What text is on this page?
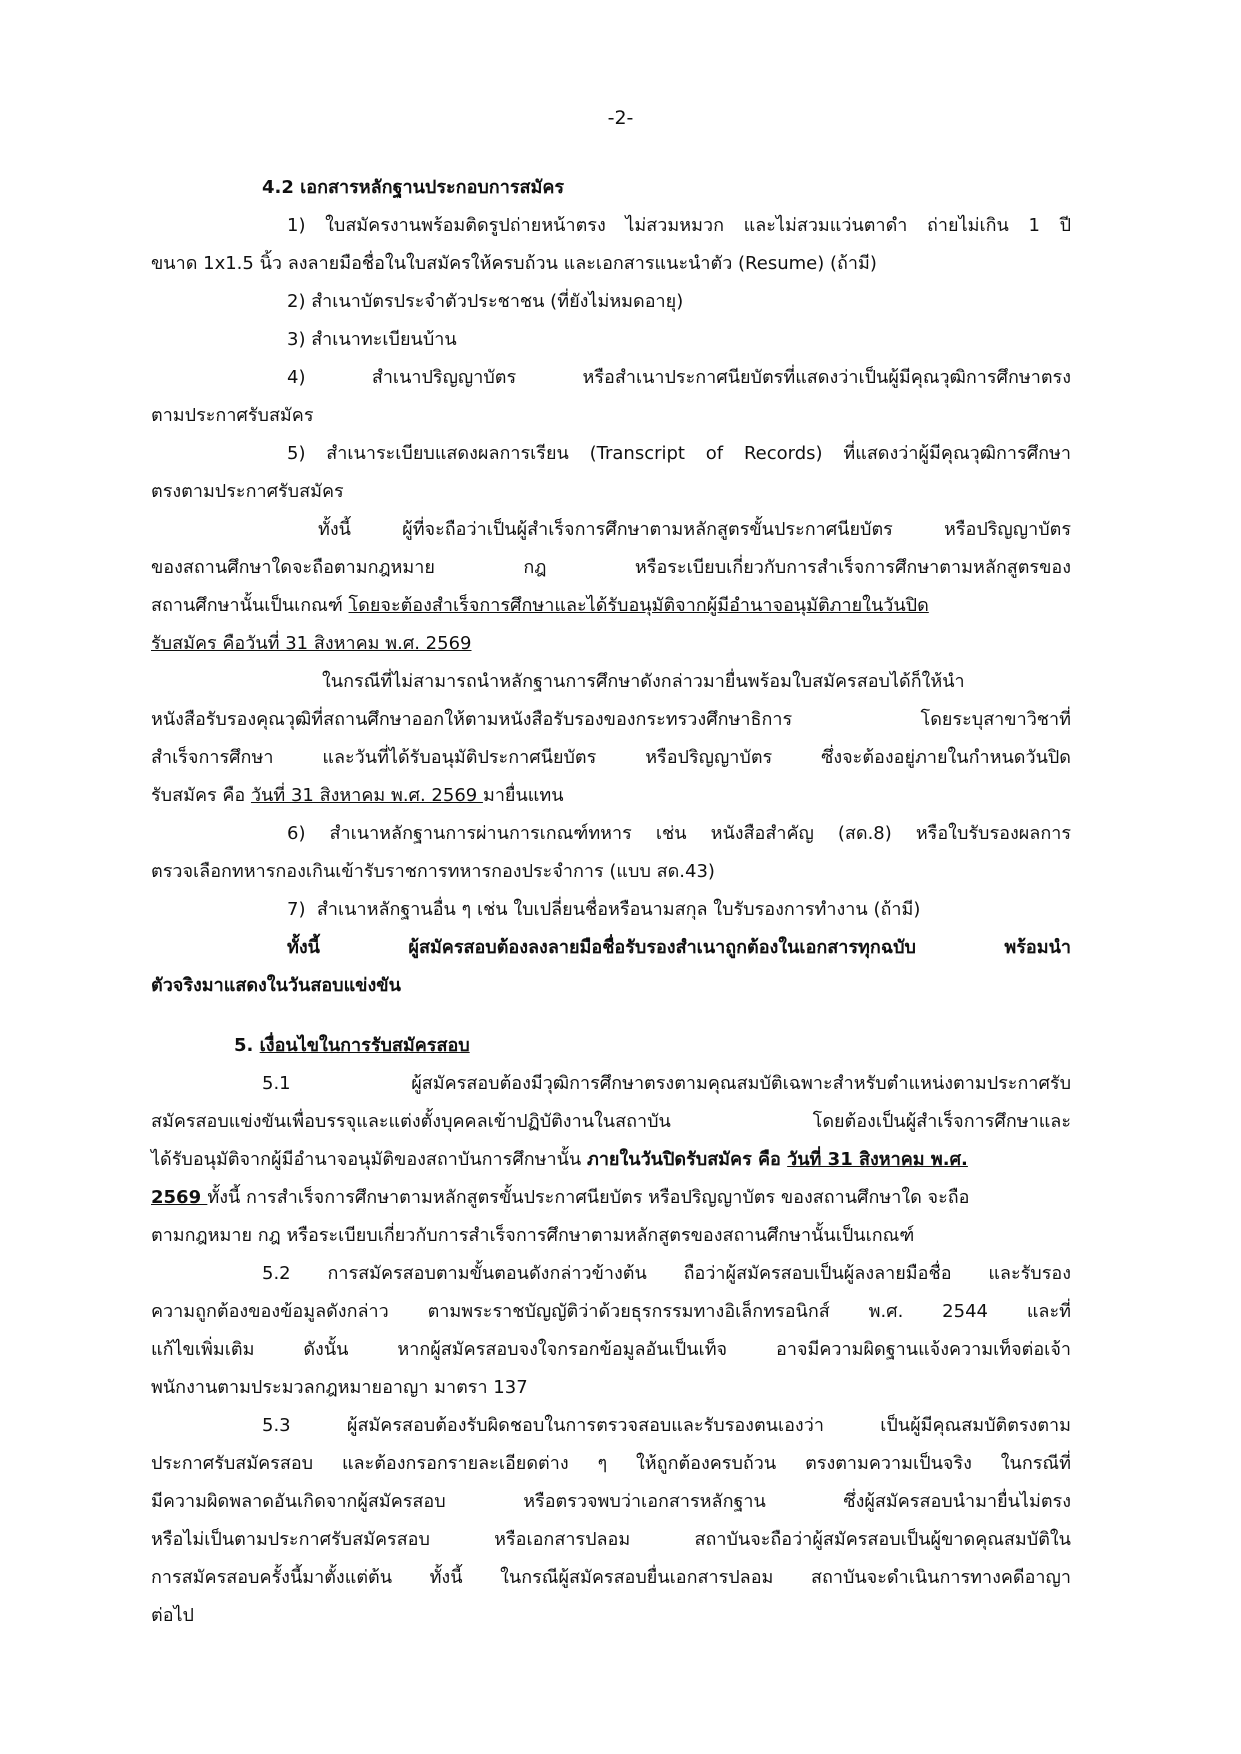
-2-
4.2 เอกสารหลักฐานประกอบการสมัคร
1) ใบสมัครงานพร้อมติดรูปถ่ายหน้าตรง ไม่สวมหมวก และไม่สวมแว่นตาดำ ถ่ายไม่เกิน 1 ปี
ขนาด 1x1.5 นิ้ว ลงลายมือชื่อในใบสมัครให้ครบถ้วน และเอกสารแนะนำตัว (Resume) (ถ้ามี)
2) สำเนาบัตรประจำตัวประชาชน (ที่ยังไม่หมดอายุ)
3) สำเนาทะเบียนบ้าน
4) สำเนาปริญญาบัตร หรือสำเนาประกาศนียบัตรที่แสดงว่าเป็นผู้มีคุณวุฒิการศึกษาตรง
ตามประกาศรับสมัคร
5) สำเนาระเบียบแสดงผลการเรียน (Transcript of Records) ที่แสดงว่าผู้มีคุณวุฒิการศึกษา
ตรงตามประกาศรับสมัคร
ทั้งนี้ ผู้ที่จะถือว่าเป็นผู้สำเร็จการศึกษาตามหลักสูตรขั้นประกาศนียบัตร หรือปริญญาบัตร
ของสถานศึกษาใดจะถือตามกฎหมาย กฎ หรือระเบียบเกี่ยวกับการสำเร็จการศึกษาตามหลักสูตรของ
สถานศึกษานั้นเป็นเกณฑ์ โดยจะต้องสำเร็จการศึกษาและได้รับอนุมัติจากผู้มีอำนาจอนุมัติภายในวันปิด
รับสมัคร คือวันที่ 31 สิงหาคม พ.ศ. 2569
ในกรณีที่ไม่สามารถนำหลักฐานการศึกษาดังกล่าวมายื่นพร้อมใบสมัครสอบได้ก็ให้นำ
หนังสือรับรองคุณวุฒิที่สถานศึกษาออกให้ตามหนังสือรับรองของกระทรวงศึกษาธิการ โดยระบุสาขาวิชาที่
สำเร็จการศึกษา และวันที่ได้รับอนุมัติประกาศนียบัตร หรือปริญญาบัตร ซึ่งจะต้องอยู่ภายในกำหนดวันปิด
รับสมัคร คือ วันที่ 31 สิงหาคม พ.ศ. 2569 มายื่นแทน
6) สำเนาหลักฐานการผ่านการเกณฑ์ทหาร เช่น หนังสือสำคัญ (สด.8) หรือใบรับรองผลการ
ตรวจเลือกทหารกองเกินเข้ารับราชการทหารกองประจำการ (แบบ สด.43)
7)  สำเนาหลักฐานอื่น ๆ เช่น ใบเปลี่ยนชื่อหรือนามสกุล ใบรับรองการทำงาน (ถ้ามี)
ทั้งนี้ ผู้สมัครสอบต้องลงลายมือชื่อรับรองสำเนาถูกต้องในเอกสารทุกฉบับ พร้อมนำ
ตัวจริงมาแสดงในวันสอบแข่งขัน
5. เงื่อนไขในการรับสมัครสอบ
5.1 ผู้สมัครสอบต้องมีวุฒิการศึกษาตรงตามคุณสมบัติเฉพาะสำหรับตำแหน่งตามประกาศรับ
สมัครสอบแข่งขันเพื่อบรรจุและแต่งตั้งบุคคลเข้าปฏิบัติงานในสถาบัน โดยต้องเป็นผู้สำเร็จการศึกษาและ
ได้รับอนุมัติจากผู้มีอำนาจอนุมัติของสถาบันการศึกษานั้น ภายในวันปิดรับสมัคร คือ วันที่ 31 สิงหาคม พ.ศ.
2569 ทั้งนี้ การสำเร็จการศึกษาตามหลักสูตรขั้นประกาศนียบัตร หรือปริญญาบัตร ของสถานศึกษาใด จะถือ
ตามกฎหมาย กฎ หรือระเบียบเกี่ยวกับการสำเร็จการศึกษาตามหลักสูตรของสถานศึกษานั้นเป็นเกณฑ์
5.2 การสมัครสอบตามขั้นตอนดังกล่าวข้างต้น ถือว่าผู้สมัครสอบเป็นผู้ลงลายมือชื่อ และรับรอง
ความถูกต้องของข้อมูลดังกล่าว ตามพระราชบัญญัติว่าด้วยธุรกรรมทางอิเล็กทรอนิกส์ พ.ศ. 2544 และที่
แก้ไขเพิ่มเติม ดังนั้น หากผู้สมัครสอบจงใจกรอกข้อมูลอันเป็นเท็จ อาจมีความผิดฐานแจ้งความเท็จต่อเจ้า
พนักงานตามประมวลกฎหมายอาญา มาตรา 137
5.3 ผู้สมัครสอบต้องรับผิดชอบในการตรวจสอบและรับรองตนเองว่า เป็นผู้มีคุณสมบัติตรงตาม
ประกาศรับสมัครสอบ และต้องกรอกรายละเอียดต่าง ๆ ให้ถูกต้องครบถ้วน ตรงตามความเป็นจริง ในกรณีที่
มีความผิดพลาดอันเกิดจากผู้สมัครสอบ หรือตรวจพบว่าเอกสารหลักฐาน ซึ่งผู้สมัครสอบนำมายื่นไม่ตรง
หรือไม่เป็นตามประกาศรับสมัครสอบ หรือเอกสารปลอม สถาบันจะถือว่าผู้สมัครสอบเป็นผู้ขาดคุณสมบัติใน
การสมัครสอบครั้งนี้มาตั้งแต่ต้น ทั้งนี้ ในกรณีผู้สมัครสอบยื่นเอกสารปลอม สถาบันจะดำเนินการทางคดีอาญา
ต่อไป
